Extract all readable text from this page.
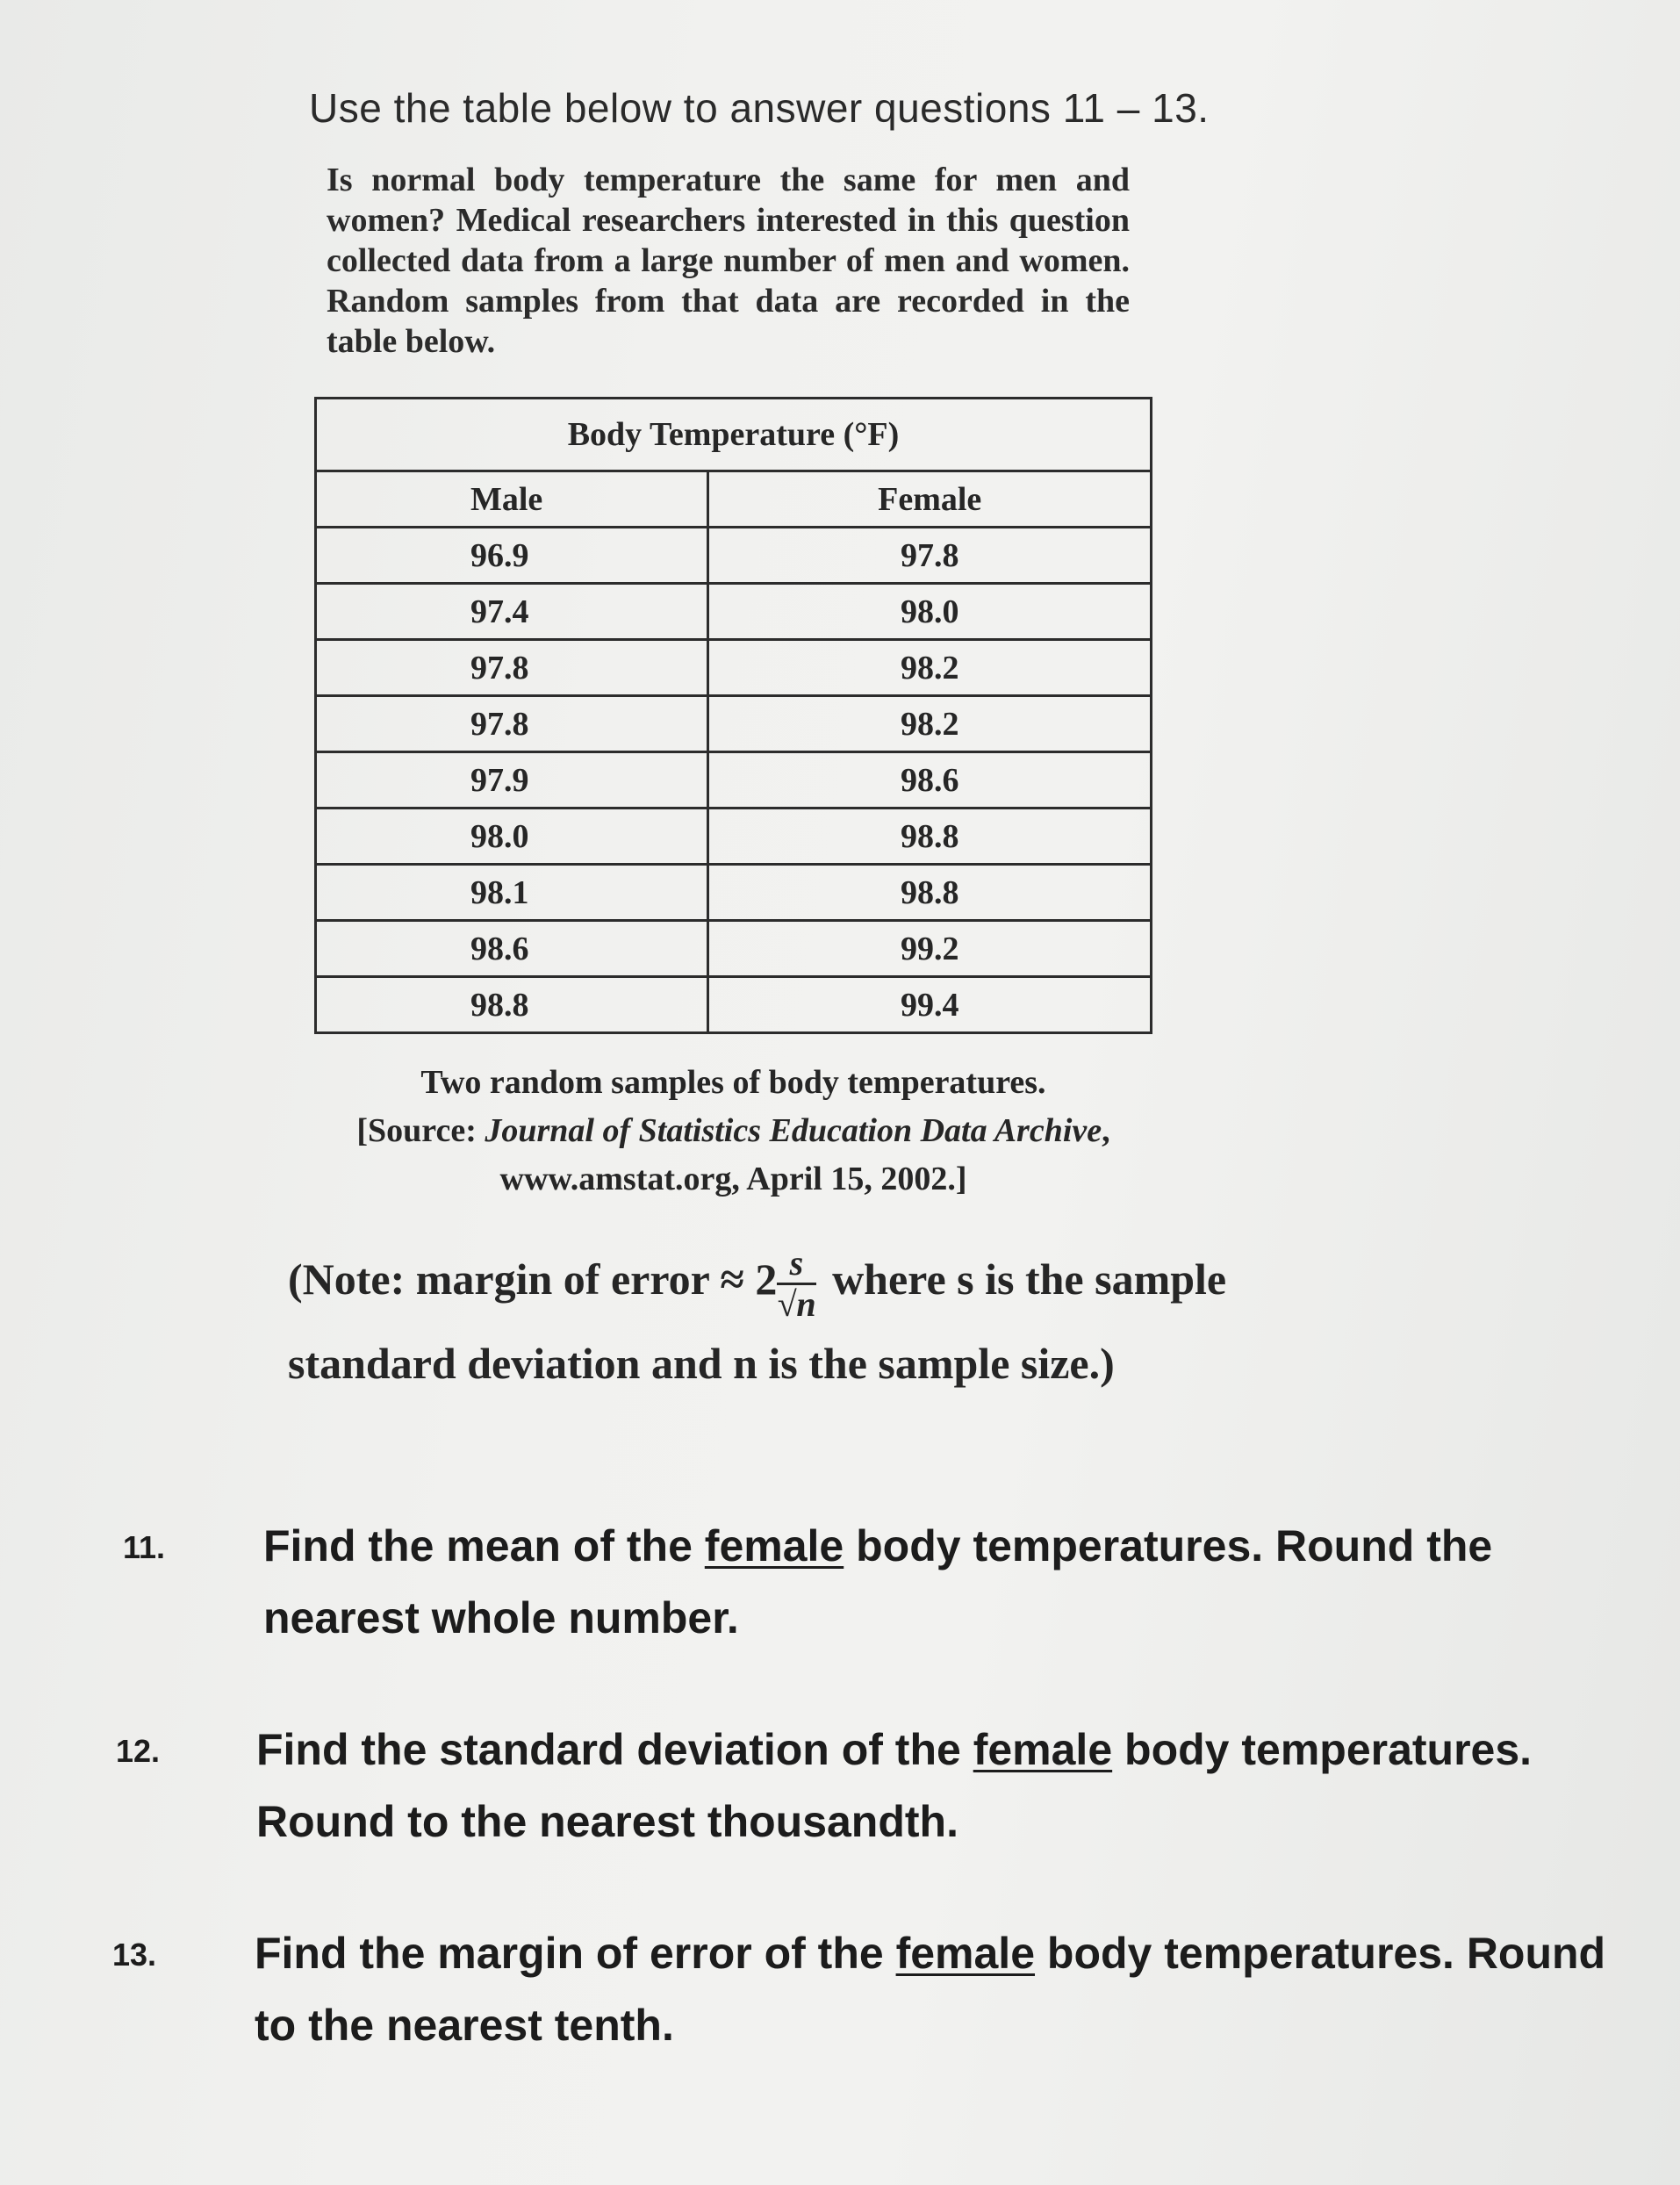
Use the table below to answer questions 11 – 13.
Is normal body temperature the same for men and women? Medical researchers interested in this question collected data from a large number of men and women. Random samples from that data are recorded in the table below.
Body Temperature (°F)	
Male	Female
96.9	97.8
97.4	98.0
97.8	98.2
97.8	98.2
97.9	98.6
98.0	98.8
98.1	98.8
98.6	99.2
98.8	99.4
Two random samples of body temperatures.
[Source: Journal of Statistics Education Data Archive, www.amstat.org, April 15, 2002.]
(Note: margin of error ≈ $2 \frac{s}{√n}$ where s is the sample standard deviation and n is the sample size.)
11. Find the mean of the female body temperatures. Round the nearest whole number.
12. Find the standard deviation of the female body temperatures. Round to the nearest thousandth.
13. Find the margin of error of the female body temperatures. Round to the nearest tenth.
